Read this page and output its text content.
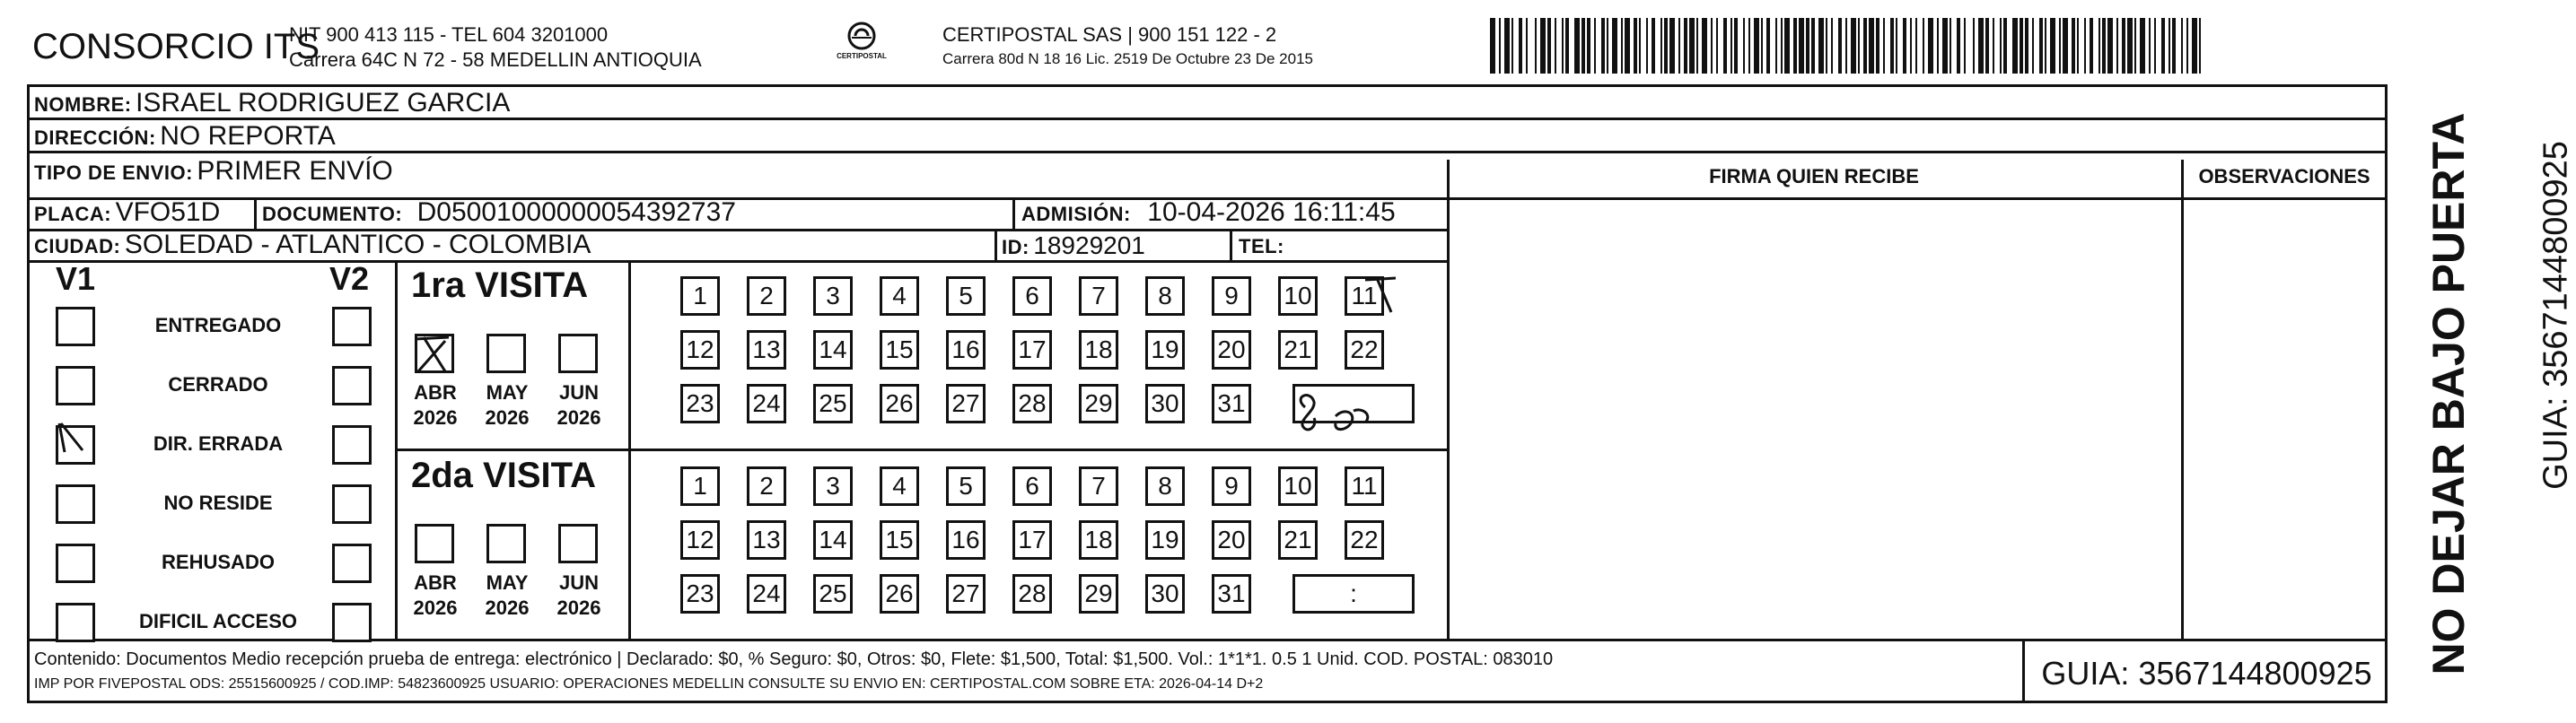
CONSORCIO ITS
NIT 900 413 115 - TEL 604 3201000
Carrera 64C N 72 - 58 MEDELLIN ANTIOQUIA	CERTIPOSTAL
CERTIPOSTAL SAS | 900 151 122 - 2
Carrera 80d N 18 16 Lic. 2519 De Octubre 23 De 2015
NOMBRE: ISRAEL RODRIGUEZ GARCIA
DIRECCIÓN: NO REPORTA
TIPO DE ENVIO: PRIMER ENVÍO
PLACA: VFO51D DOCUMENTO: D05001000000054392737	ADMISIÓN: 10-04-2026 16:11:45
CIUDAD: SOLEDAD - ATLANTICO - COLOMBIA	ID: 18929201	TEL:
FIRMA QUIEN RECIBE	OBSERVACIONES	NO DEJAR BAJO PUERTA GUIA: 3567144800925
V1	V2
ENTREGADO
CERRADO
DIR. ERRADA
NO RESIDE
REHUSADO
DIFICIL ACCESO
1ra VISITA
2da VISITA
ABR
2026
MAY
2026
JUN
2026
ABR
2026
MAY
2026
JUN
2026
1	2	3	4	5	6	7	8	9	10 11
12 13 14 15 16 17 18 19 20 21 22
23 24 25 26 27 28 29 30 31
1	2	3	4	5	6	7	8	9	10 11
12 13 14 15 16 17 18 19 20 21 22
23 24 25 26 27 28 29 30 31	:
Contenido: Documentos Medio recepción prueba de entrega: electrónico | Declarado: $0, % Seguro: $0, Otros: $0, Flete: $1,500, Total: $1,500. Vol.: 1*1*1. 0.5 1 Unid. COD. POSTAL: 083010
IMP POR FIVEPOSTAL ODS: 25515600925 / COD.IMP: 54823600925 USUARIO: OPERACIONES MEDELLIN CONSULTE SU ENVIO EN: CERTIPOSTAL.COM SOBRE ETA: 2026-04-14 D+2	GUIA: 3567144800925
